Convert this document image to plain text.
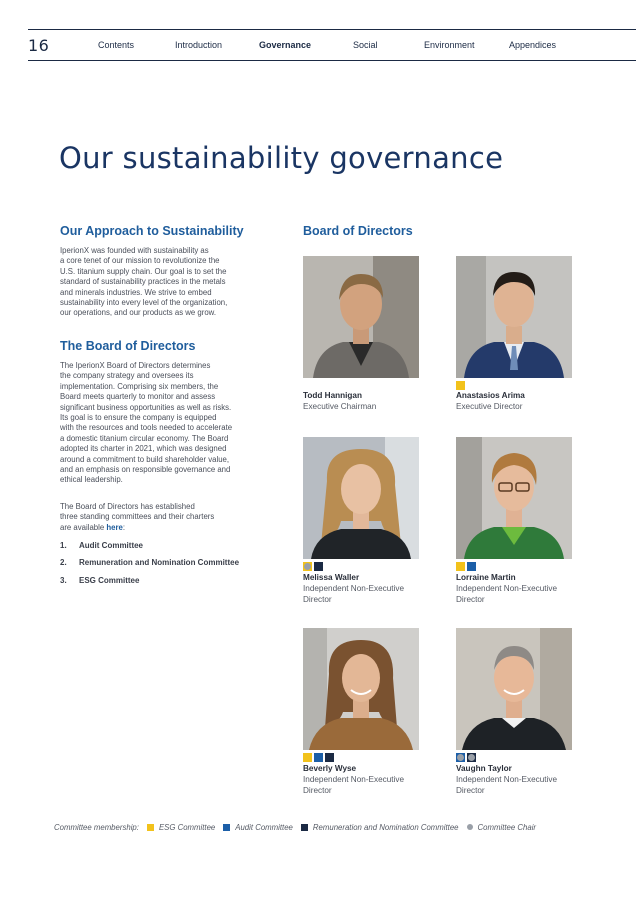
16	Contents	Introduction	Governance	Social	Environment	Appendices
Our sustainability governance
Our Approach to Sustainability
IperionX was founded with sustainability as
a core tenet of our mission to revolutionize the
U.S. titanium supply chain. Our goal is to set the
standard of sustainability practices in the metals
and minerals industries. We strive to embed
sustainability into every level of the organization,
our operations, and our products as we grow.
The Board of Directors
The IperionX Board of Directors determines
the company strategy and oversees its
implementation. Comprising six members, the
Board meets quarterly to monitor and assess
significant business opportunities as well as risks.
Its goal is to ensure the company is equipped
with the resources and tools needed to accelerate
a domestic titanium circular economy. The Board
adopted its charter in 2021, which was designed
around a commitment to build shareholder value,
and an emphasis on responsible governance and
ethical leadership.
The Board of Directors has established
three standing committees and their charters
are available here:
1. Audit Committee
2. Remuneration and Nomination Committee
3. ESG Committee
Board of Directors
Todd Hannigan
Executive Chairman
Anastasios Arima
Executive Director
Melissa Waller
Independent Non-Executive
Director
Lorraine Martin
Independent Non-Executive
Director
Beverly Wyse
Independent Non-Executive
Director
Vaughn Taylor
Independent Non-Executive
Director
Committee membership:	ESG Committee	Audit Committee	Remuneration and Nomination Committee Committee Chair
